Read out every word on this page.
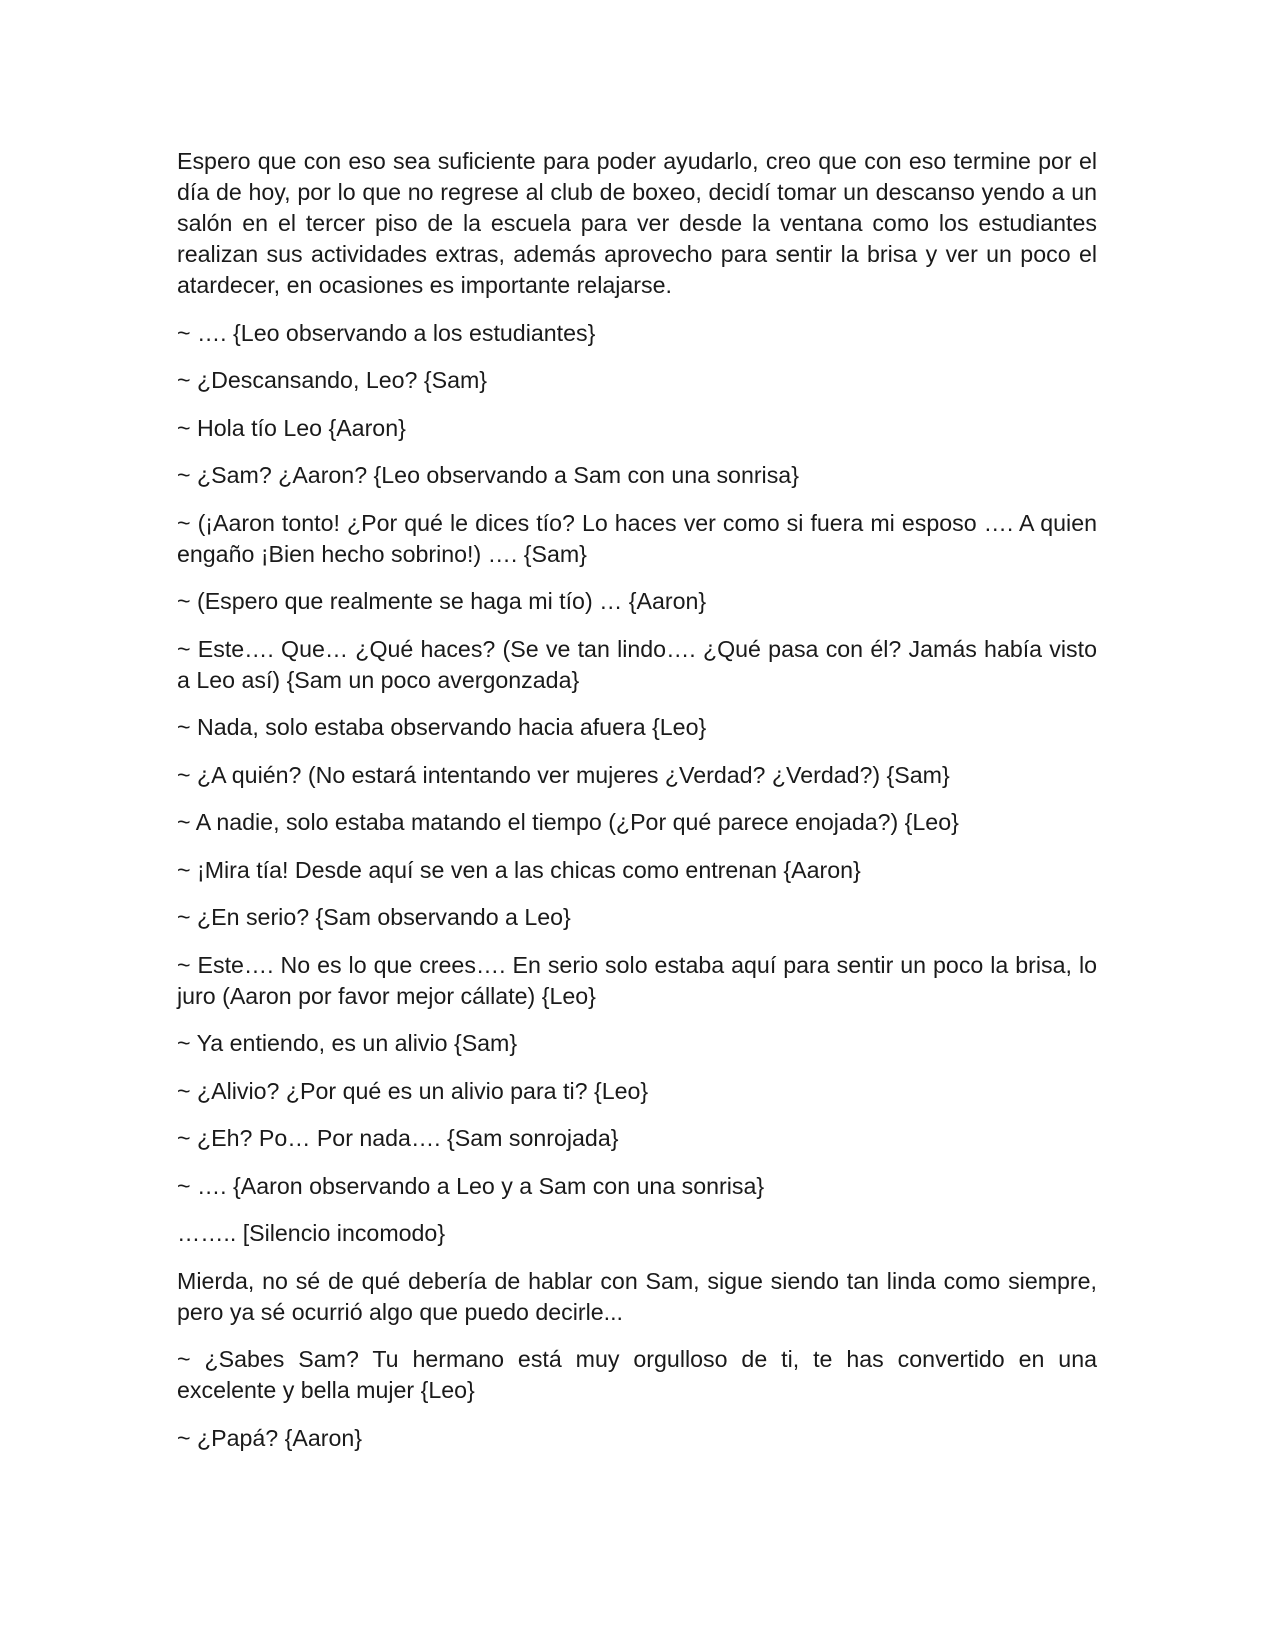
Espero que con eso sea suficiente para poder ayudarlo, creo que con eso termine por el día de hoy, por lo que no regrese al club de boxeo, decidí tomar un descanso yendo a un salón en el tercer piso de la escuela para ver desde la ventana como los estudiantes realizan sus actividades extras, además aprovecho para sentir la brisa y ver un poco el atardecer, en ocasiones es importante relajarse.

~ …. {Leo observando a los estudiantes}

~ ¿Descansando, Leo? {Sam}

~ Hola tío Leo {Aaron}

~ ¿Sam? ¿Aaron? {Leo observando a Sam con una sonrisa}

~ (¡Aaron tonto! ¿Por qué le dices tío? Lo haces ver como si fuera mi esposo …. A quien engaño ¡Bien hecho sobrino!) …. {Sam}

~ (Espero que realmente se haga mi tío) … {Aaron}

~ Este…. Que… ¿Qué haces? (Se ve tan lindo…. ¿Qué pasa con él? Jamás había visto a Leo así) {Sam un poco avergonzada}

~ Nada, solo estaba observando hacia afuera {Leo}

~ ¿A quién? (No estará intentando ver mujeres ¿Verdad? ¿Verdad?) {Sam}

~ A nadie, solo estaba matando el tiempo (¿Por qué parece enojada?) {Leo}

~ ¡Mira tía! Desde aquí se ven a las chicas como entrenan {Aaron}

~ ¿En serio? {Sam observando a Leo}

~ Este…. No es lo que crees…. En serio solo estaba aquí para sentir un poco la brisa, lo juro (Aaron por favor mejor cállate) {Leo}

~ Ya entiendo, es un alivio {Sam}

~ ¿Alivio? ¿Por qué es un alivio para ti? {Leo}

~ ¿Eh? Po… Por nada…. {Sam sonrojada}

~ …. {Aaron observando a Leo y a Sam con una sonrisa}

…….. [Silencio incomodo}

Mierda, no sé de qué debería de hablar con Sam, sigue siendo tan linda como siempre, pero ya sé ocurrió algo que puedo decirle...

~ ¿Sabes Sam? Tu hermano está muy orgulloso de ti, te has convertido en una excelente y bella mujer {Leo}

~ ¿Papá? {Aaron}
